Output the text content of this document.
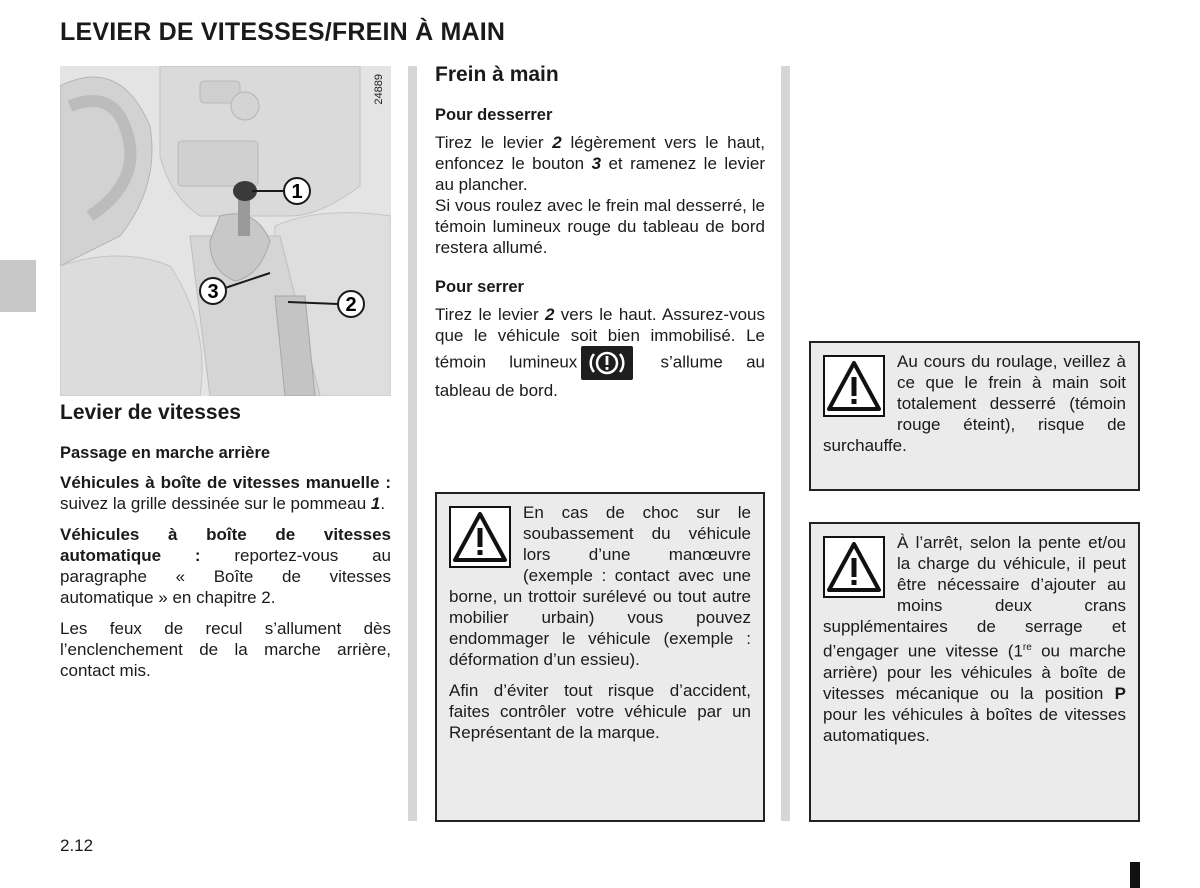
LEVIER DE VITESSES/FREIN À MAIN
1
2
3
24889
Levier de vitesses
Passage en marche arrière

Véhicules à boîte de vitesses manuelle : suivez la grille dessinée sur le pommeau 1.

Véhicules à boîte de vitesses automatique : reportez-vous au paragraphe « Boîte de vitesses automatique » en chapitre 2.

Les feux de recul s’allument dès l’enclenchement de la marche arrière, contact mis.

Frein à main
Pour desserrer

Tirez le levier 2 légèrement vers le haut, enfoncez le bouton 3 et ramenez le levier au plancher.

Si vous roulez avec le frein mal desserré, le témoin lumineux rouge du tableau de bord restera allumé.

Pour serrer

Tirez le levier 2 vers le haut. Assurez-vous que le véhicule soit bien immobilisé. Le témoin lumineux	s’allume au tableau de bord.

En cas de choc sur le soubassement du véhicule lors d’une manœuvre (exemple : contact avec une borne, un trottoir surélevé ou tout autre mobilier urbain) vous pouvez endommager le véhicule (exemple : déformation d’un essieu).

Afin d’éviter tout risque d’accident, faites contrôler votre véhicule par un Représentant de la marque.

Au cours du roulage, veillez à ce que le frein à main soit totalement desserré (témoin rouge éteint), risque de surchauffe.

À l’arrêt, selon la pente et/ou la charge du véhicule, il peut être nécessaire d’ajouter au moins deux crans supplémentaires de serrage et d’engager une vitesse (1re ou marche arrière) pour les véhicules à boîte de vitesses mécanique ou la position P pour les véhicules à boîtes de vitesses automatiques.

2.12
